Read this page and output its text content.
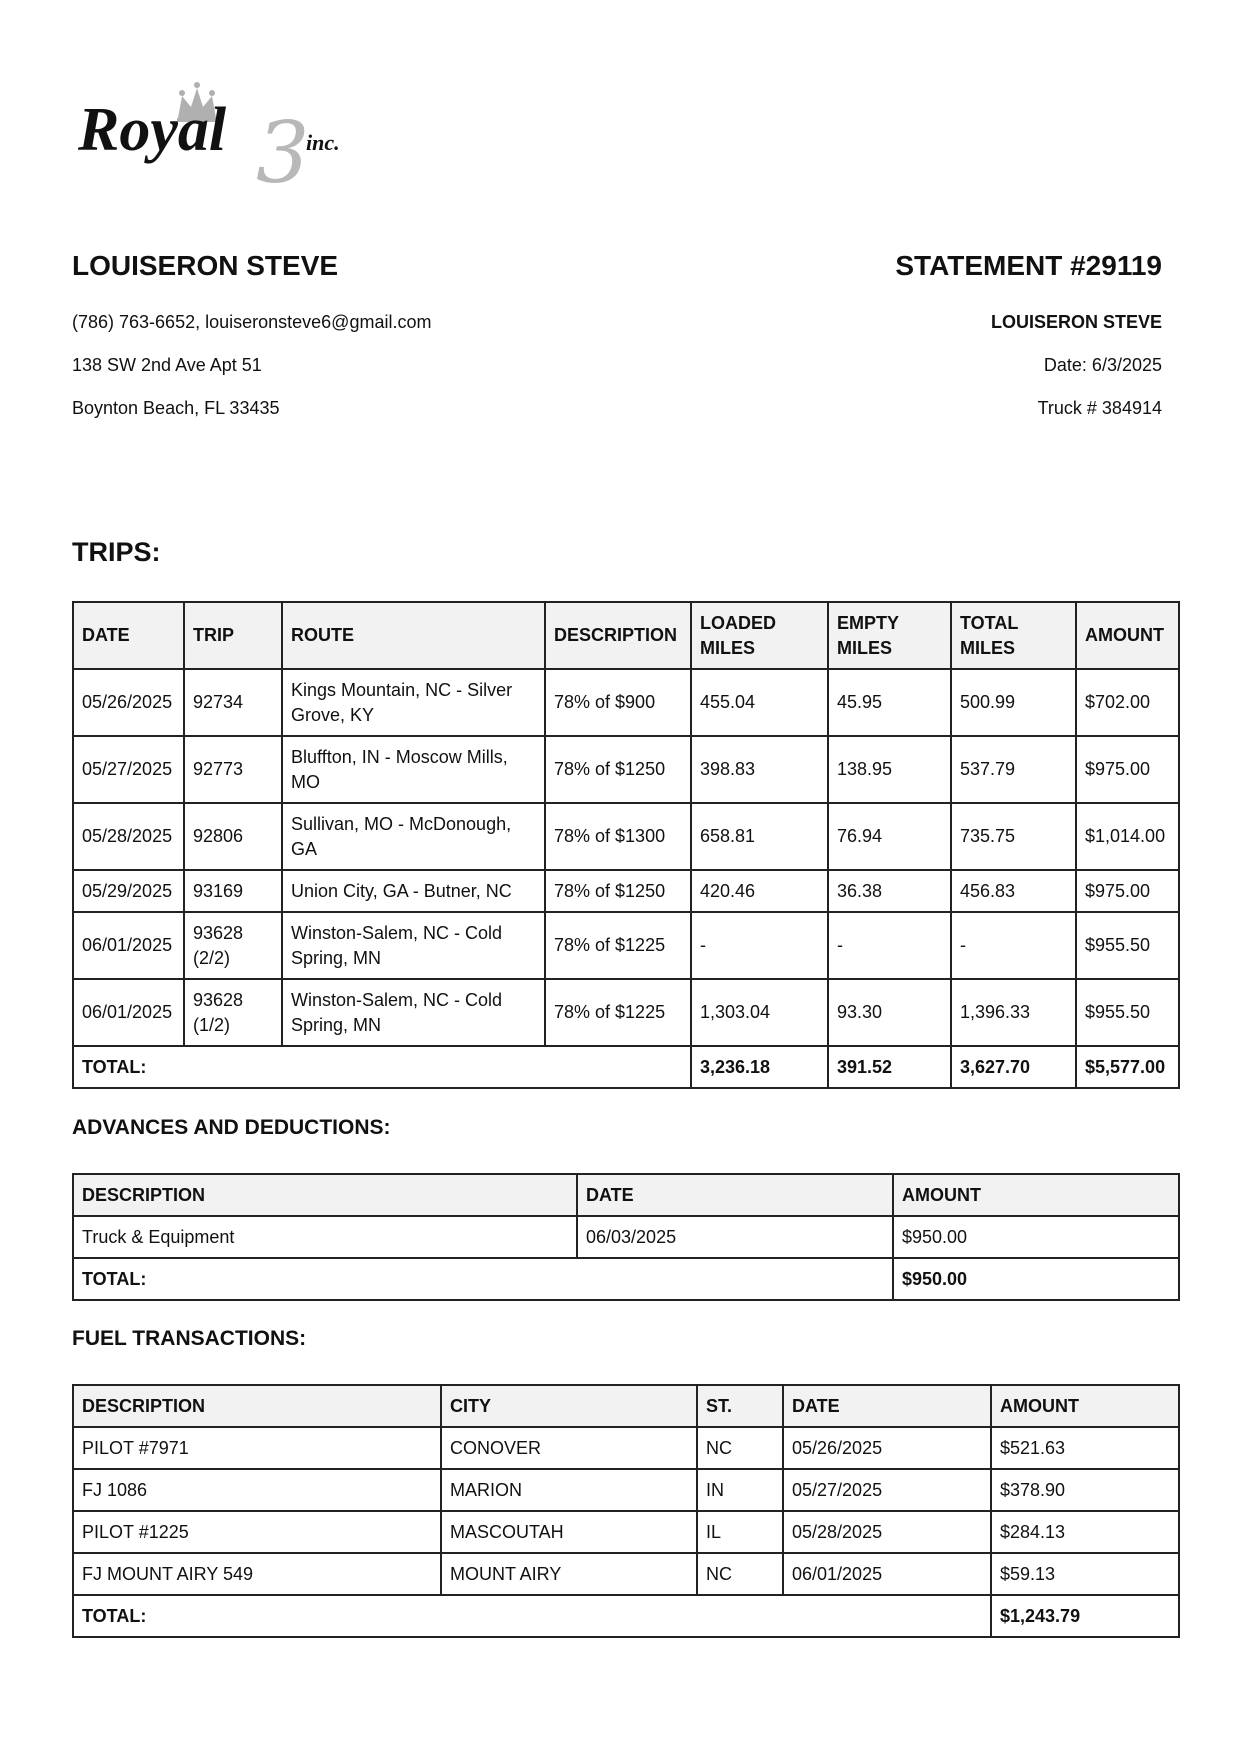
3
Royal	inc.
LOUISERON STEVE	STATEMENT #29119
(786) 763-6652, louiseronsteve6@gmail.com
138 SW 2nd Ave Apt 51
Boynton Beach, FL 33435
LOUISERON STEVE
Date: 6/3/2025
Truck # 384914
TRIPS:
DATE	TRIP	ROUTE	DESCRIPTION	LOADED MILES	EMPTY MILES	TOTAL MILES	AMOUNT
05/26/2025	92734	Kings Mountain, NC - Silver Grove, KY	78% of $900	455.04	45.95	500.99	$702.00
05/27/2025	92773	Bluffton, IN - Moscow Mills, MO	78% of $1250	398.83	138.95	537.79	$975.00
05/28/2025	92806	Sullivan, MO - McDonough, GA	78% of $1300	658.81	76.94	735.75	$1,014.00
05/29/2025	93169	Union City, GA - Butner, NC	78% of $1250	420.46	36.38	456.83	$975.00
06/01/2025	93628 (2/2)	Winston-Salem, NC - Cold Spring, MN	78% of $1225	-	-	-	$955.50
06/01/2025	93628 (1/2)	Winston-Salem, NC - Cold Spring, MN	78% of $1225	1,303.04	93.30	1,396.33	$955.50
TOTAL:				3,236.18	391.52	3,627.70	$5,577.00
ADVANCES AND DEDUCTIONS:
DESCRIPTION	DATE	AMOUNT
Truck & Equipment	06/03/2025	$950.00
TOTAL:		$950.00
FUEL TRANSACTIONS:
DESCRIPTION	CITY	ST.	DATE	AMOUNT
PILOT #7971	CONOVER	NC	05/26/2025	$521.63
FJ 1086	MARION	IN	05/27/2025	$378.90
PILOT #1225	MASCOUTAH	IL	05/28/2025	$284.13
FJ MOUNT AIRY 549	MOUNT AIRY	NC	06/01/2025	$59.13
TOTAL:				$1,243.79
